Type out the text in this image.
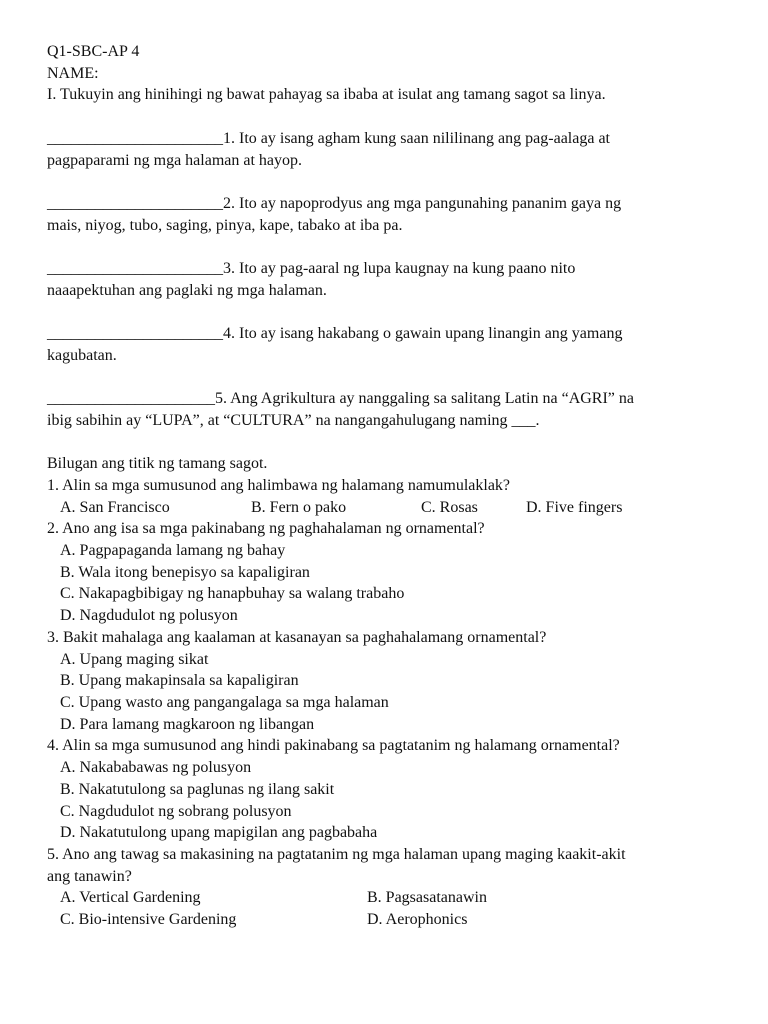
Q1-SBC-AP 4
NAME:
I. Tukuyin ang hinihingi ng bawat pahayag sa ibaba at isulat ang tamang sagot sa linya.
______________________1. Ito ay isang agham kung saan nililinang ang pag-aalaga at
pagpaparami ng mga halaman at hayop.
______________________2. Ito ay napoprodyus ang mga pangunahing pananim gaya ng
mais, niyog, tubo, saging, pinya, kape, tabako at iba pa.
______________________3. Ito ay pag-aaral ng lupa kaugnay na kung paano nito
naaapektuhan ang paglaki ng mga halaman.
______________________4. Ito ay isang hakabang o gawain upang linangin ang yamang
kagubatan.
_____________________5. Ang Agrikultura ay nanggaling sa salitang Latin na “AGRI” na
ibig sabihin ay “LUPA”, at “CULTURA” na nangangahulugang naming ___.
Bilugan ang titik ng tamang sagot.
1. Alin sa mga sumusunod ang halimbawa ng halamang namumulaklak?
A. San Francisco	B. Fern o pako	C. Rosas	D. Five fingers
2. Ano ang isa sa mga pakinabang ng paghahalaman ng ornamental?
A. Pagpapaganda lamang ng bahay
B. Wala itong benepisyo sa kapaligiran
C. Nakapagbibigay ng hanapbuhay sa walang trabaho
D. Nagdudulot ng polusyon
3. Bakit mahalaga ang kaalaman at kasanayan sa paghahalamang ornamental?
A. Upang maging sikat
B. Upang makapinsala sa kapaligiran
C. Upang wasto ang pangangalaga sa mga halaman
D. Para lamang magkaroon ng libangan
4. Alin sa mga sumusunod ang hindi pakinabang sa pagtatanim ng halamang ornamental?
A. Nakababawas ng polusyon
B. Nakatutulong sa paglunas ng ilang sakit
C. Nagdudulot ng sobrang polusyon
D. Nakatutulong upang mapigilan ang pagbabaha
5. Ano ang tawag sa makasining na pagtatanim ng mga halaman upang maging kaakit-akit
ang tanawin?
A. Vertical Gardening	B. Pagsasatanawin
C. Bio-intensive Gardening	D. Aerophonics
